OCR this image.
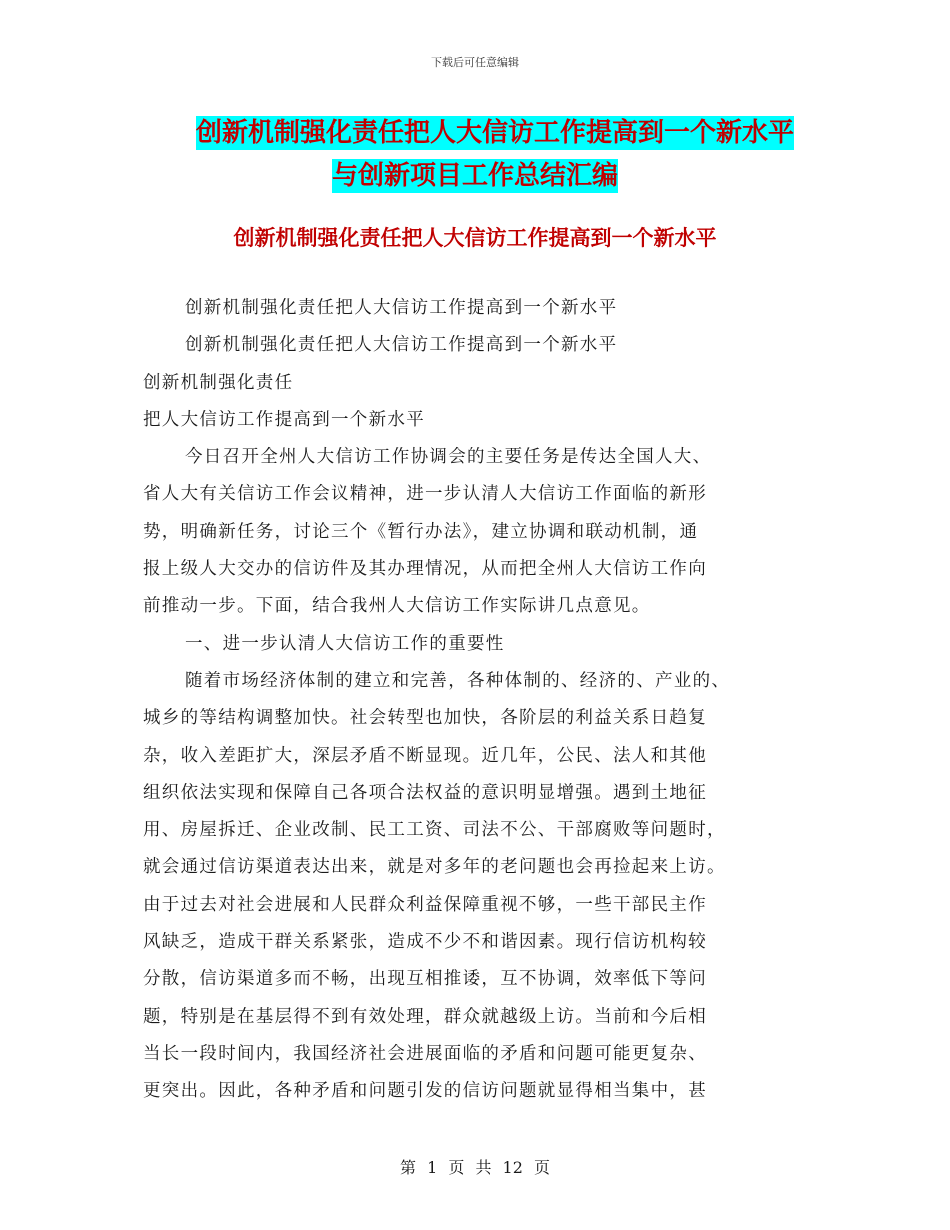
下载后可任意编辑
创新机制强化责任把人大信访工作提高到一个新水平
与创新项目工作总结汇编
创新机制强化责任把人大信访工作提高到一个新水平
创新机制强化责任把人大信访工作提高到一个新水平
创新机制强化责任把人大信访工作提高到一个新水平
创新机制强化责任
把人大信访工作提高到一个新水平
今日召开全州人大信访工作协调会的主要任务是传达全国人大、
省人大有关信访工作会议精神，进一步认清人大信访工作面临的新形
势，明确新任务，讨论三个《暂行办法》，建立协调和联动机制，通
报上级人大交办的信访件及其办理情况，从而把全州人大信访工作向
前推动一步。下面，结合我州人大信访工作实际讲几点意见。
一、进一步认清人大信访工作的重要性
随着市场经济体制的建立和完善，各种体制的、经济的、产业的、
城乡的等结构调整加快。社会转型也加快，各阶层的利益关系日趋复
杂，收入差距扩大，深层矛盾不断显现。近几年，公民、法人和其他
组织依法实现和保障自己各项合法权益的意识明显增强。遇到土地征
用、房屋拆迁、企业改制、民工工资、司法不公、干部腐败等问题时，
就会通过信访渠道表达出来，就是对多年的老问题也会再捡起来上访。
由于过去对社会进展和人民群众利益保障重视不够，一些干部民主作
风缺乏，造成干群关系紧张，造成不少不和谐因素。现行信访机构较
分散，信访渠道多而不畅，出现互相推诿，互不协调，效率低下等问
题，特别是在基层得不到有效处理，群众就越级上访。当前和今后相
当长一段时间内，我国经济社会进展面临的矛盾和问题可能更复杂、
更突出。因此，各种矛盾和问题引发的信访问题就显得相当集中，甚
第 1 页 共 12 页
